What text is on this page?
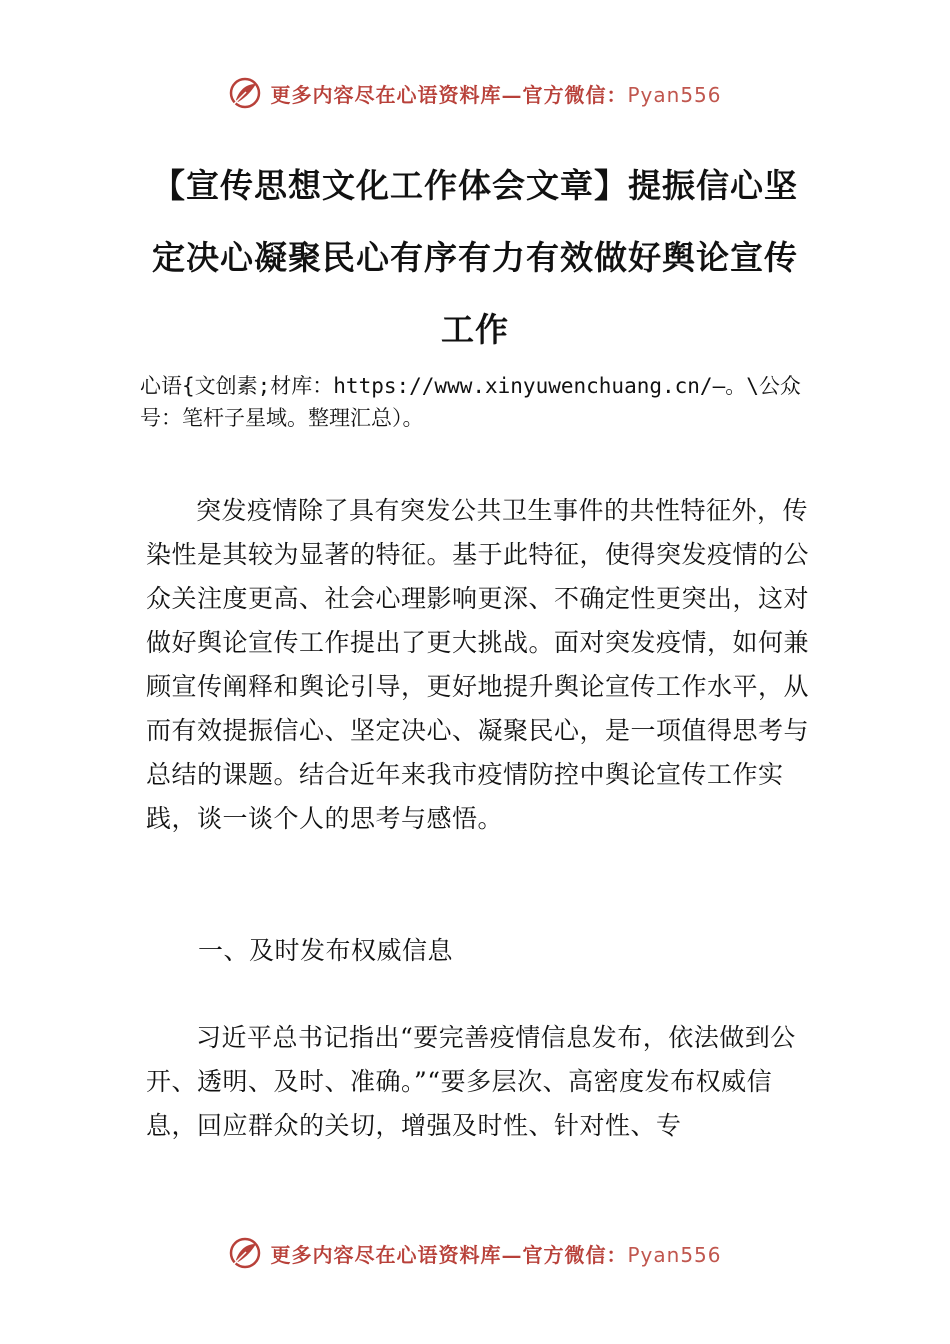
更多内容尽在心语资料库—官方微信：Pyan556
【宣传思想文化工作体会文章】提振信心坚定决心凝聚民心有序有力有效做好舆论宣传工作
心语{文创素;材库：https://www.xinyuwenchuang.cn/—。\公众号：笔杆子星域。整理汇总）。

突发疫情除了具有突发公共卫生事件的共性特征外，传染性是其较为显著的特征。基于此特征，使得突发疫情的公众关注度更高、社会心理影响更深、不确定性更突出，这对做好舆论宣传工作提出了更大挑战。面对突发疫情，如何兼顾宣传阐释和舆论引导，更好地提升舆论宣传工作水平，从而有效提振信心、坚定决心、凝聚民心，是一项值得思考与总结的课题。结合近年来我市疫情防控中舆论宣传工作实践，谈一谈个人的思考与感悟。

一、及时发布权威信息

习近平总书记指出“要完善疫情信息发布，依法做到公开、透明、及时、准确。”“要多层次、高密度发布权威信息，回应群众的关切，增强及时性、针对性、专

更多内容尽在心语资料库—官方微信：Pyan556
